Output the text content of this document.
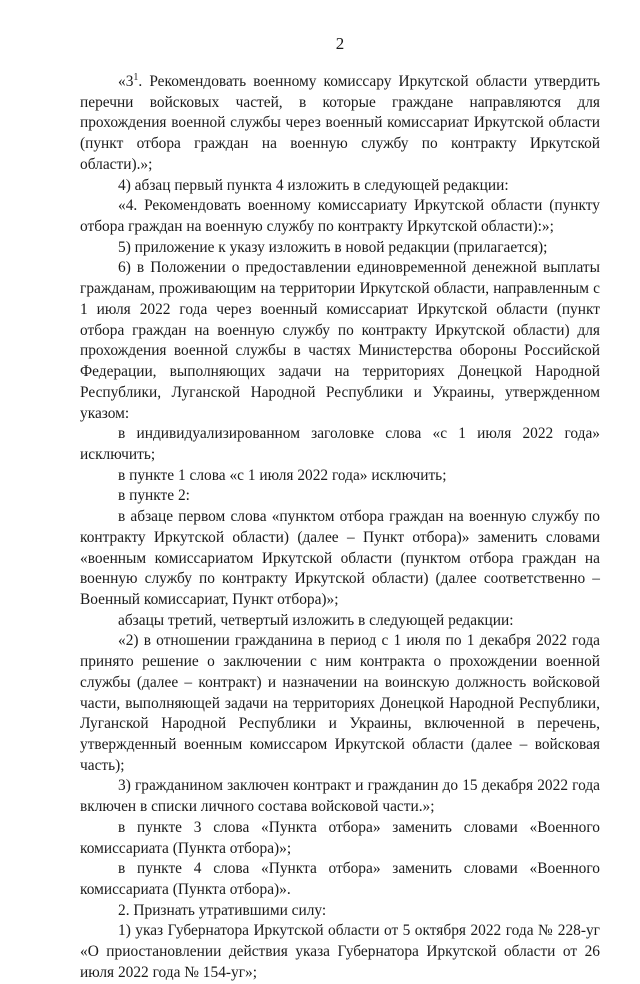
2

«$3^1$. Рекомендовать военному комиссару Иркутской области утвердить перечни войсковых частей, в которые граждане направляются для прохождения военной службы через военный комиссариат Иркутской области (пункт отбора граждан на военную службу по контракту Иркутской области).»;

4) абзац первый пункта 4 изложить в следующей редакции:

«4. Рекомендовать военному комиссариату Иркутской области (пункту отбора граждан на военную службу по контракту Иркутской области):»;

5) приложение к указу изложить в новой редакции (прилагается);

6) в Положении о предоставлении единовременной денежной выплаты гражданам, проживающим на территории Иркутской области, направленным с 1 июля 2022 года через военный комиссариат Иркутской области (пункт отбора граждан на военную службу по контракту Иркутской области) для прохождения военной службы в частях Министерства обороны Российской Федерации, выполняющих задачи на территориях Донецкой Народной Республики, Луганской Народной Республики и Украины, утвержденном указом:

в индивидуализированном заголовке слова «с 1 июля 2022 года» исключить;

в пункте 1 слова «с 1 июля 2022 года» исключить;

в пункте 2:

в абзаце первом слова «пунктом отбора граждан на военную службу по контракту Иркутской области) (далее – Пункт отбора)» заменить словами «военным комиссариатом Иркутской области (пунктом отбора граждан на военную службу по контракту Иркутской области) (далее соответственно – Военный комиссариат, Пункт отбора)»;

абзацы третий, четвертый изложить в следующей редакции:

«2) в отношении гражданина в период с 1 июля по 1 декабря 2022 года принято решение о заключении с ним контракта о прохождении военной службы (далее – контракт) и назначении на воинскую должность войсковой части, выполняющей задачи на территориях Донецкой Народной Республики, Луганской Народной Республики и Украины, включенной в перечень, утвержденный военным комиссаром Иркутской области (далее – войсковая часть);

3) гражданином заключен контракт и гражданин до 15 декабря 2022 года включен в списки личного состава войсковой части.»;

в пункте 3 слова «Пункта отбора» заменить словами «Военного комиссариата (Пункта отбора)»;

в пункте 4 слова «Пункта отбора» заменить словами «Военного комиссариата (Пункта отбора)».

2. Признать утратившими силу:

1) указ Губернатора Иркутской области от 5 октября 2022 года № 228-уг «О приостановлении действия указа Губернатора Иркутской области от 26 июля 2022 года № 154-уг»;
